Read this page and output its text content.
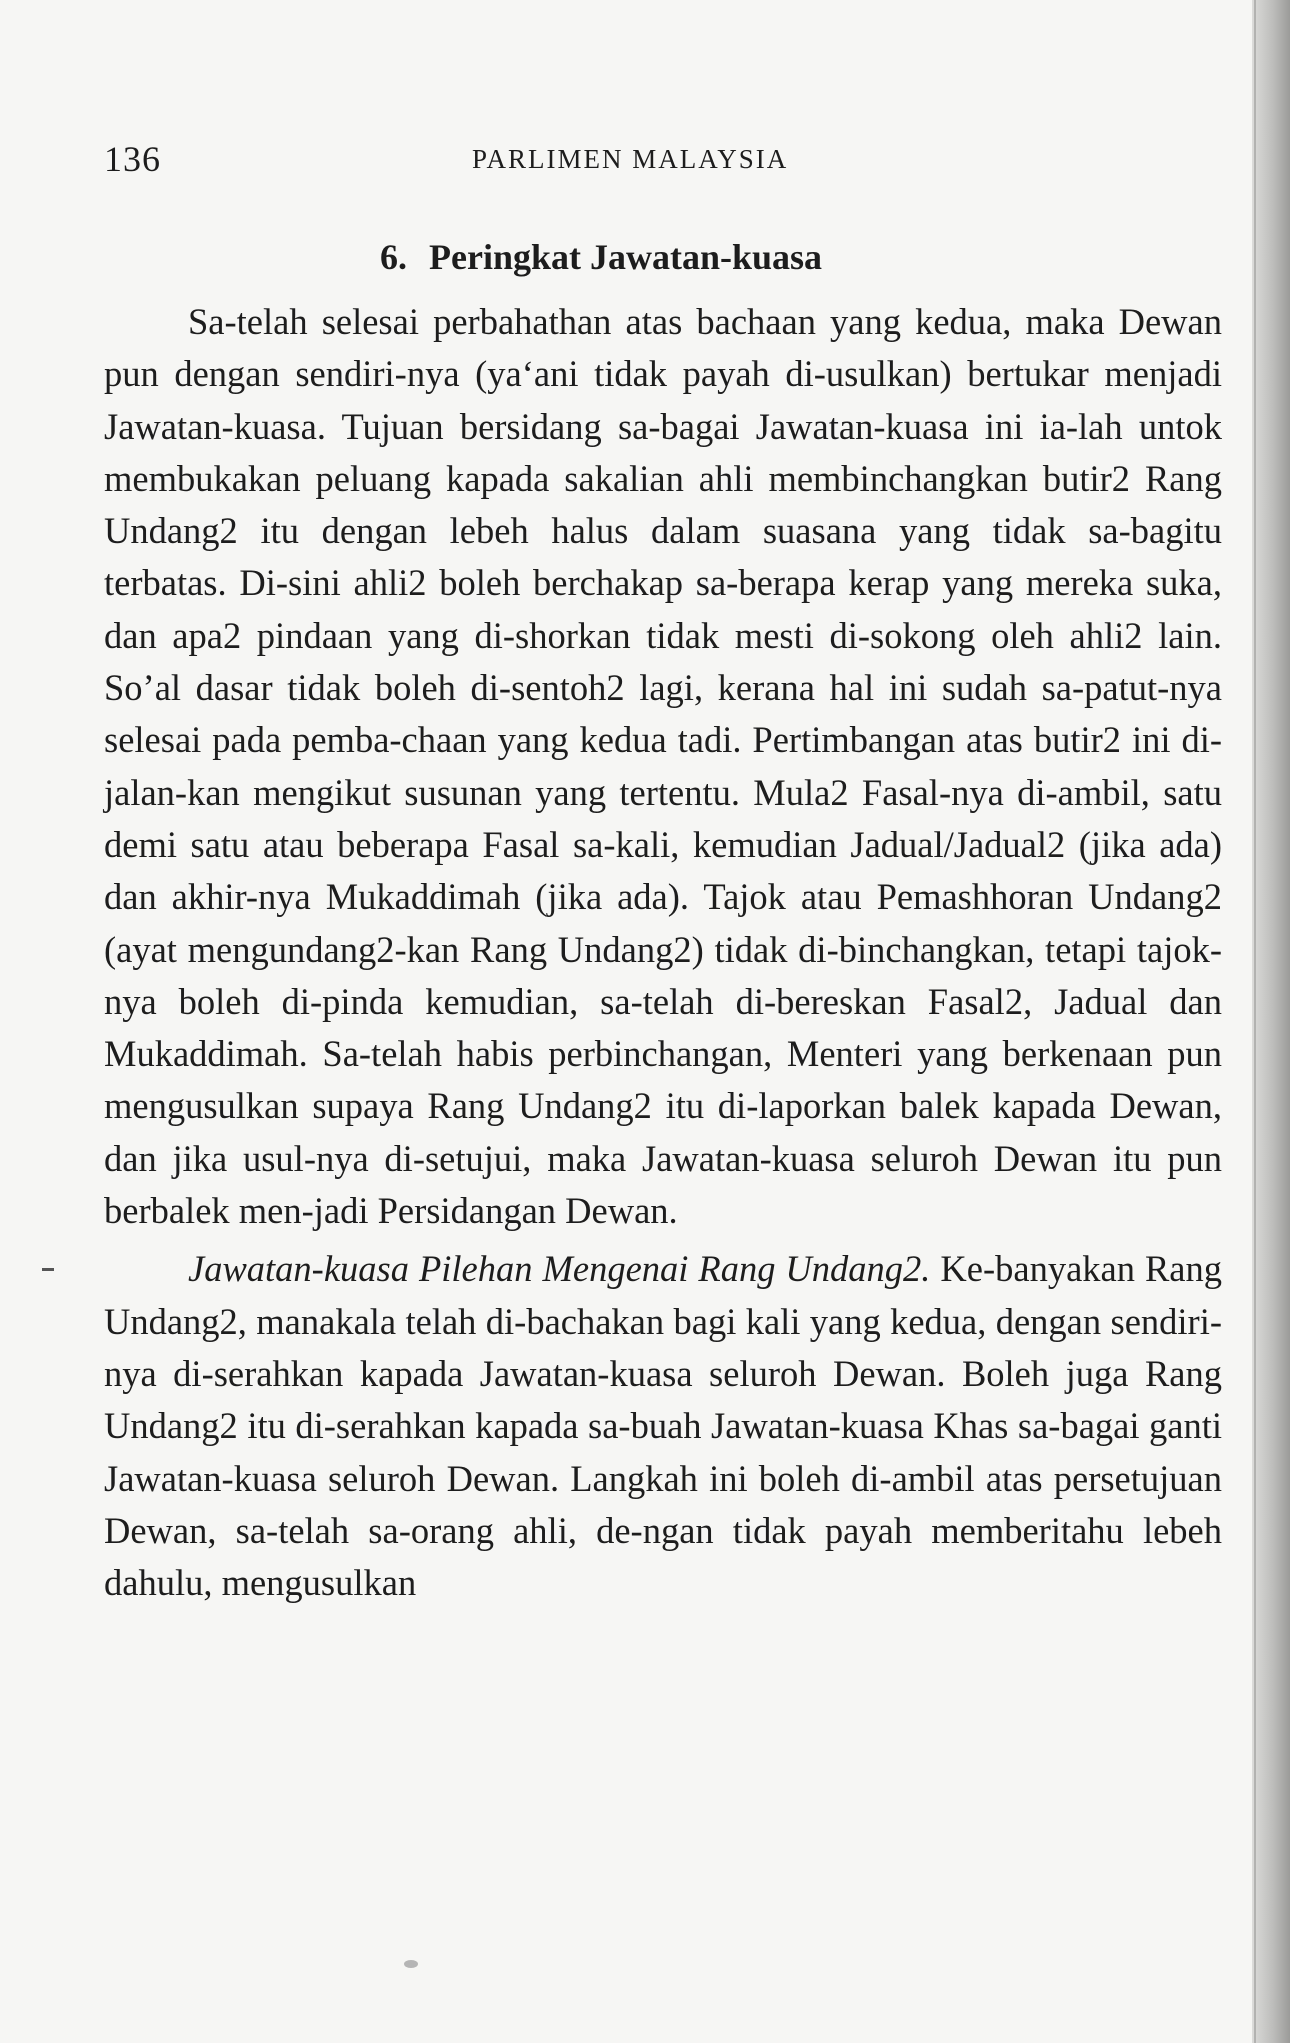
136	PARLIMEN MALAYSIA
6. Peringkat Jawatan-kuasa

Sa-telah selesai perbahathan atas bachaan yang kedua, maka Dewan pun dengan sendiri-nya (ya‘ani tidak payah di-usulkan) bertukar menjadi Jawatan-kuasa. Tujuan bersidang sa-bagai Jawatan-kuasa ini ia-lah untok membukakan peluang kapada sakalian ahli membinchangkan butir2 Rang Undang2 itu dengan lebeh halus dalam suasana yang tidak sa-bagitu terbatas. Di-sini ahli2 boleh berchakap sa-berapa kerap yang mereka suka, dan apa2 pindaan yang di-shorkan tidak mesti di-sokong oleh ahli2 lain. So’al dasar tidak boleh di-sentoh2 lagi, kerana hal ini sudah sa-patut-nya selesai pada pemba-chaan yang kedua tadi. Pertimbangan atas butir2 ini di-jalan-kan mengikut susunan yang tertentu. Mula2 Fasal-nya di-ambil, satu demi satu atau beberapa Fasal sa-kali, kemudian Jadual/Jadual2 (jika ada) dan akhir-nya Mukaddimah (jika ada). Tajok atau Pemashhoran Undang2 (ayat mengundang2-kan Rang Undang2) tidak di-binchangkan, tetapi tajok-nya boleh di-pinda kemudian, sa-telah di-bereskan Fasal2, Jadual dan Mukaddimah. Sa-telah habis perbinchangan, Menteri yang berkenaan pun mengusulkan supaya Rang Undang2 itu di-laporkan balek kapada Dewan, dan jika usul-nya di-setujui, maka Jawatan-kuasa seluroh Dewan itu pun berbalek men-jadi Persidangan Dewan.

Jawatan-kuasa Pilehan Mengenai Rang Undang2. Ke-banyakan Rang Undang2, manakala telah di-bachakan bagi kali yang kedua, dengan sendiri-nya di-serahkan kapada Jawatan-kuasa seluroh Dewan. Boleh juga Rang Undang2 itu di-serahkan kapada sa-buah Jawatan-kuasa Khas sa-bagai ganti Jawatan-kuasa seluroh Dewan. Langkah ini boleh di-ambil atas persetujuan Dewan, sa-telah sa-orang ahli, de-ngan tidak payah memberitahu lebeh dahulu, mengusulkan
